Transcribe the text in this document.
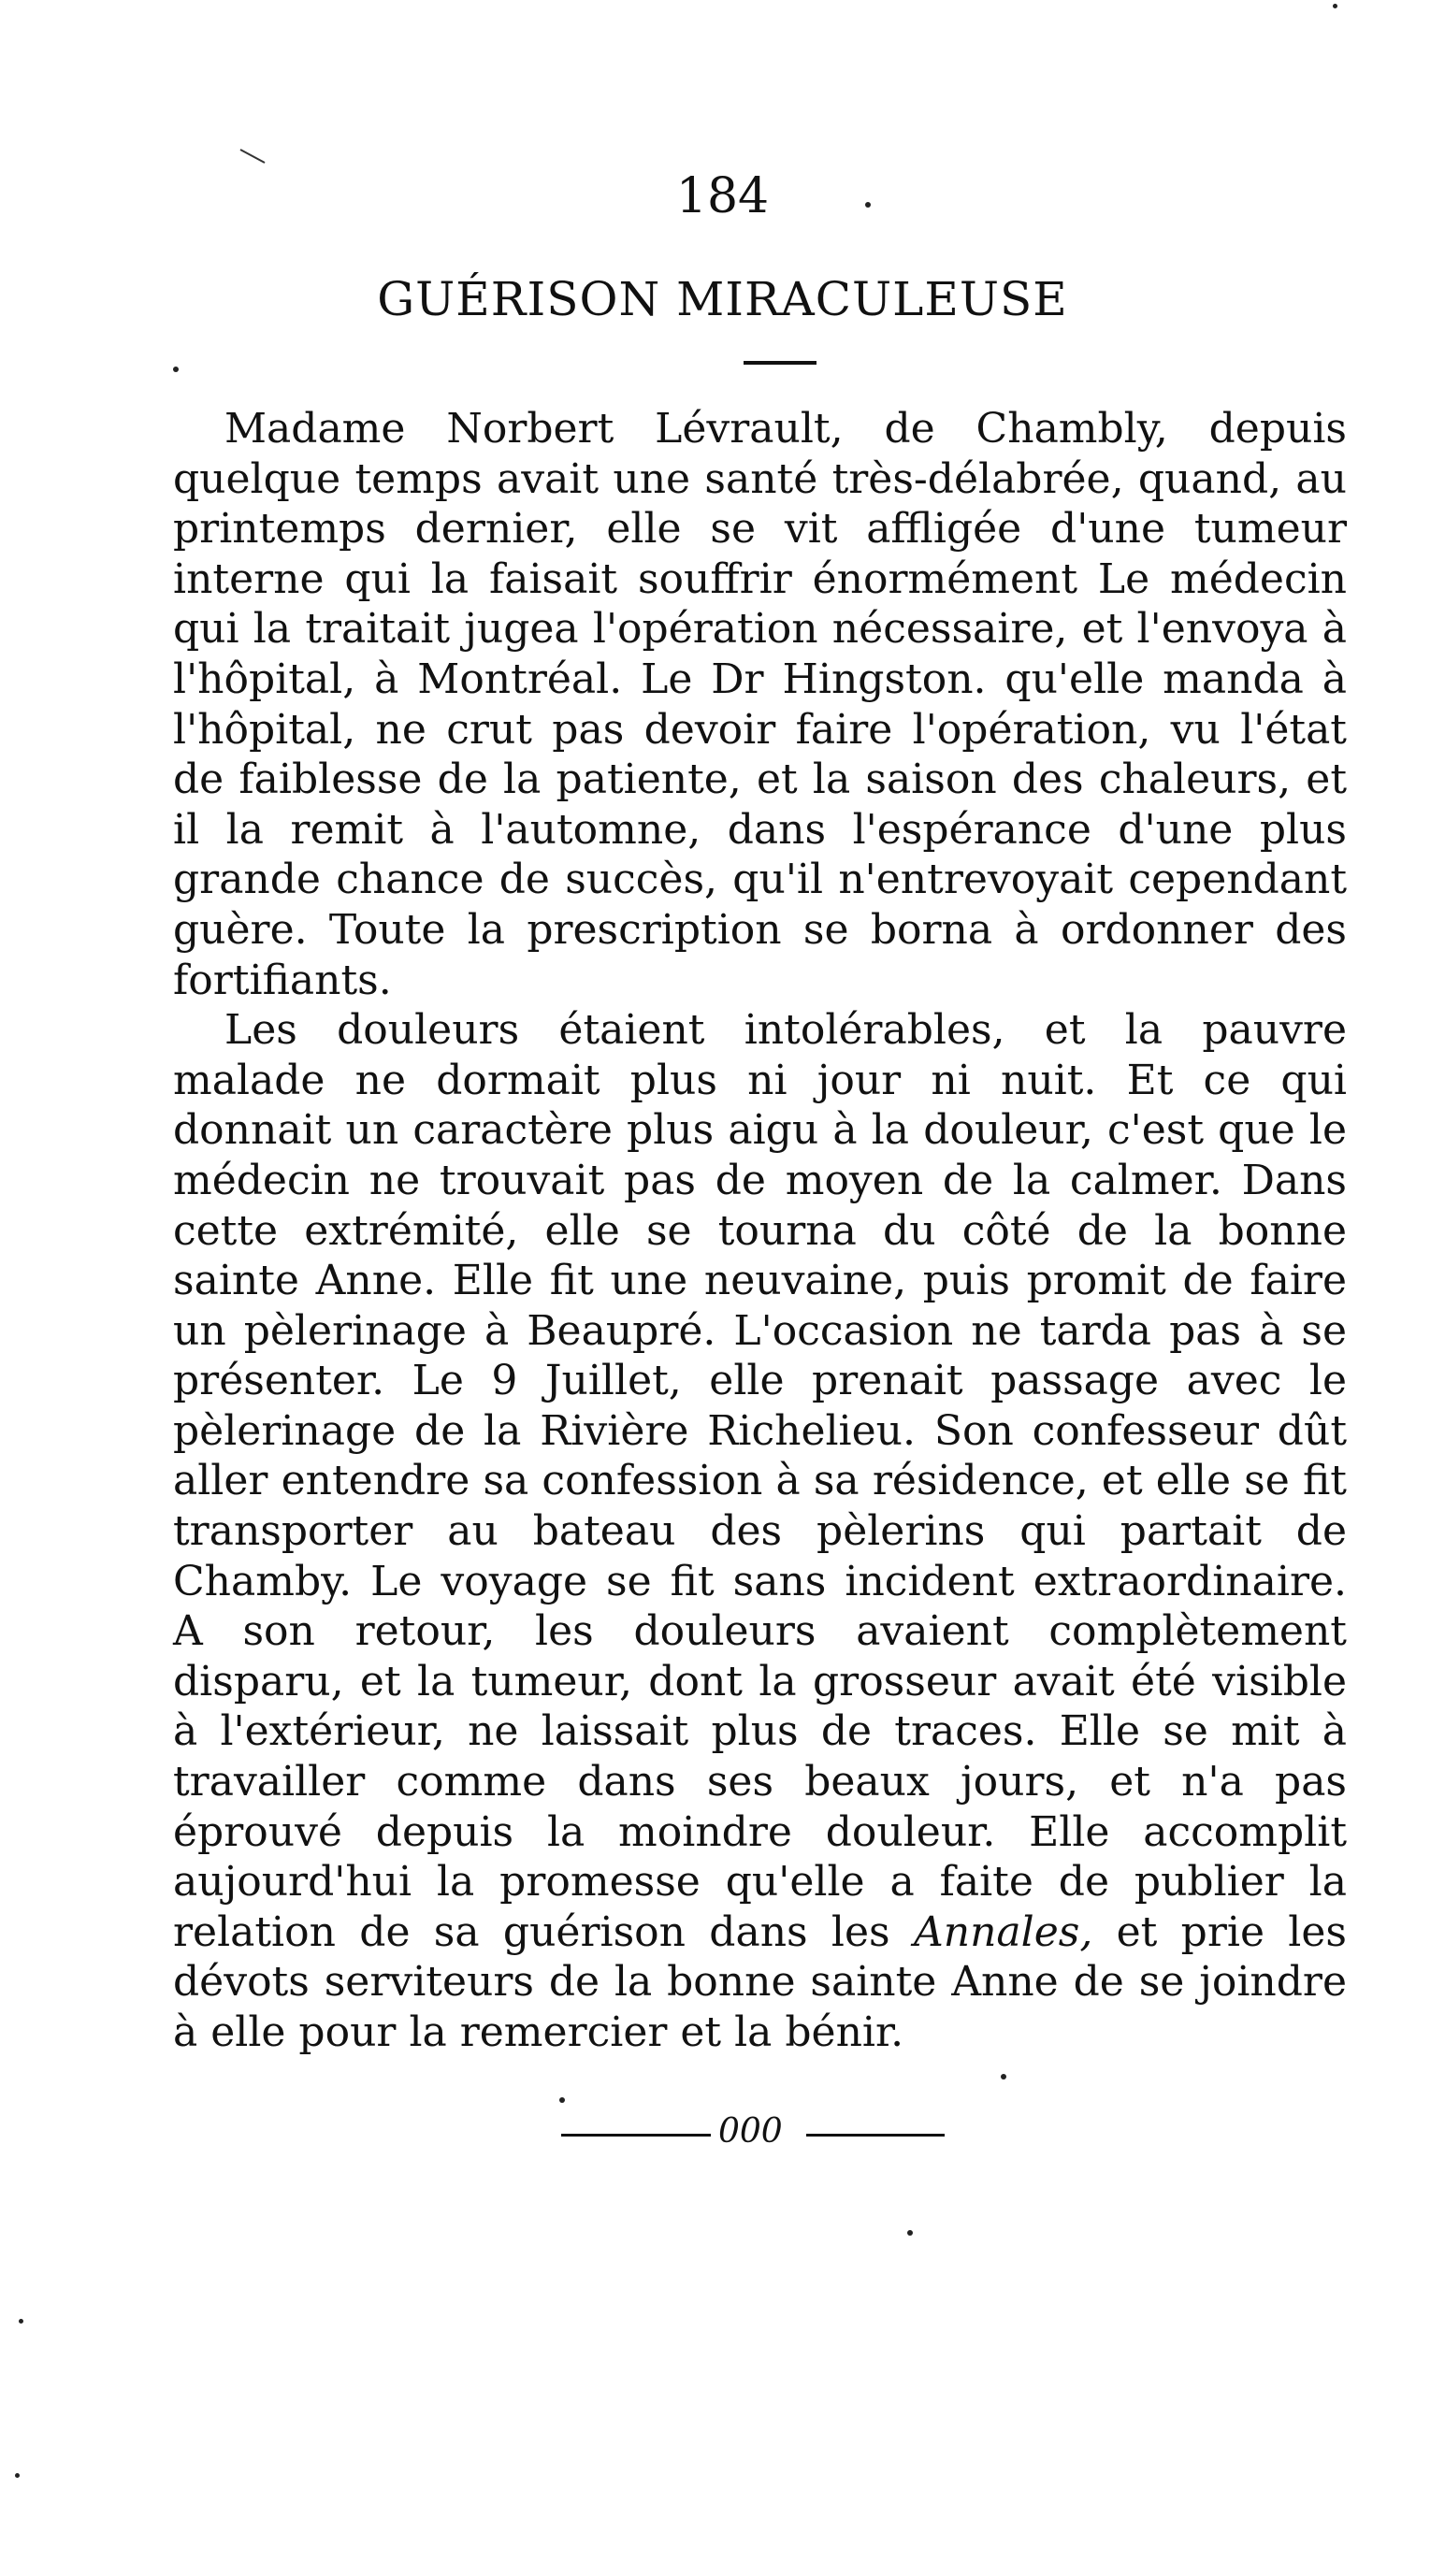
184
GUÉRISON MIRACULEUSE

Madame Norbert Lévrault, de Chambly, depuis quelque temps avait une santé très-délabrée, quand, au printemps dernier, elle se vit affligée d'une tumeur interne qui la faisait souffrir énormément Le médecin qui la traitait jugea l'opération nécessaire, et l'envoya à l'hôpital, à Montréal. Le Dr Hingston. qu'elle manda à l'hôpital, ne crut pas devoir faire l'opération, vu l'état de faiblesse de la patiente, et la saison des chaleurs, et il la remit à l'automne, dans l'espérance d'une plus grande chance de succès, qu'il n'entrevoyait cependant guère. Toute la prescription se borna à ordonner des fortifiants.

Les douleurs étaient intolérables, et la pauvre malade ne dormait plus ni jour ni nuit. Et ce qui donnait un caractère plus aigu à la douleur, c'est que le médecin ne trouvait pas de moyen de la calmer. Dans cette extrémité, elle se tourna du côté de la bonne sainte Anne. Elle fit une neuvaine, puis promit de faire un pèlerinage à Beaupré. L'occasion ne tarda pas à se présenter. Le 9 Juillet, elle prenait passage avec le pèlerinage de la Rivière Richelieu. Son confesseur dût aller entendre sa confession à sa résidence, et elle se fit transporter au bateau des pèlerins qui partait de Chamby. Le voyage se fit sans incident extraordinaire. A son retour, les douleurs avaient complètement disparu, et la tumeur, dont la grosseur avait été visible à l'extérieur, ne laissait plus de traces. Elle se mit à travailler comme dans ses beaux jours, et n'a pas éprouvé depuis la moindre douleur. Elle accomplit aujourd'hui la promesse qu'elle a faite de publier la relation de sa guérison dans les Annales, et prie les dévots serviteurs de la bonne sainte Anne de se joindre à elle pour la remercier et la bénir.

000
